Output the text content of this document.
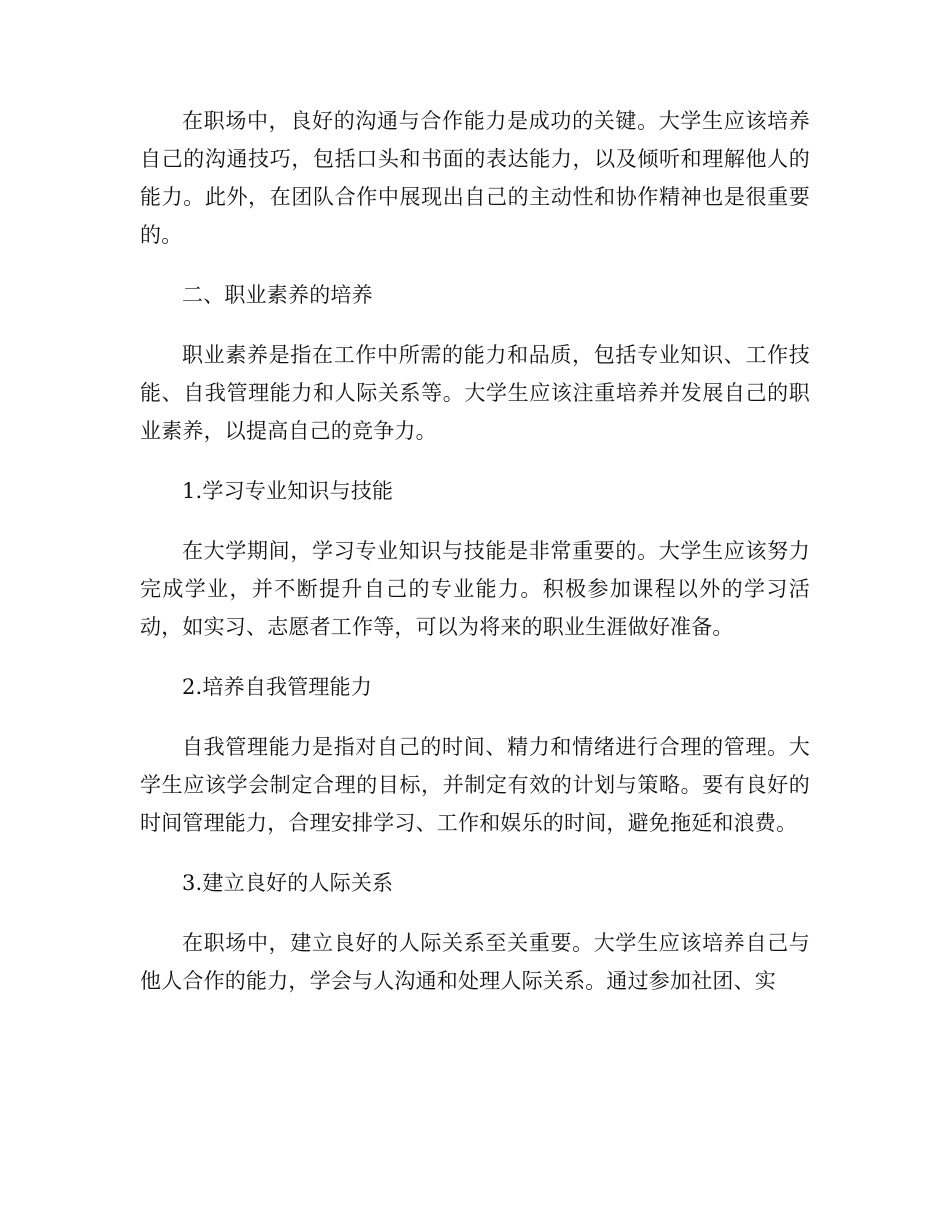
在职场中，良好的沟通与合作能力是成功的关键。大学生应该培养自己的沟通技巧，包括口头和书面的表达能力，以及倾听和理解他人的能力。此外，在团队合作中展现出自己的主动性和协作精神也是很重要的。

二、职业素养的培养

职业素养是指在工作中所需的能力和品质，包括专业知识、工作技能、自我管理能力和人际关系等。大学生应该注重培养并发展自己的职业素养，以提高自己的竞争力。

1.学习专业知识与技能

在大学期间，学习专业知识与技能是非常重要的。大学生应该努力完成学业，并不断提升自己的专业能力。积极参加课程以外的学习活动，如实习、志愿者工作等，可以为将来的职业生涯做好准备。

2.培养自我管理能力

自我管理能力是指对自己的时间、精力和情绪进行合理的管理。大学生应该学会制定合理的目标，并制定有效的计划与策略。要有良好的时间管理能力，合理安排学习、工作和娱乐的时间，避免拖延和浪费。

3.建立良好的人际关系

在职场中，建立良好的人际关系至关重要。大学生应该培养自己与他人合作的能力，学会与人沟通和处理人际关系。通过参加社团、实
